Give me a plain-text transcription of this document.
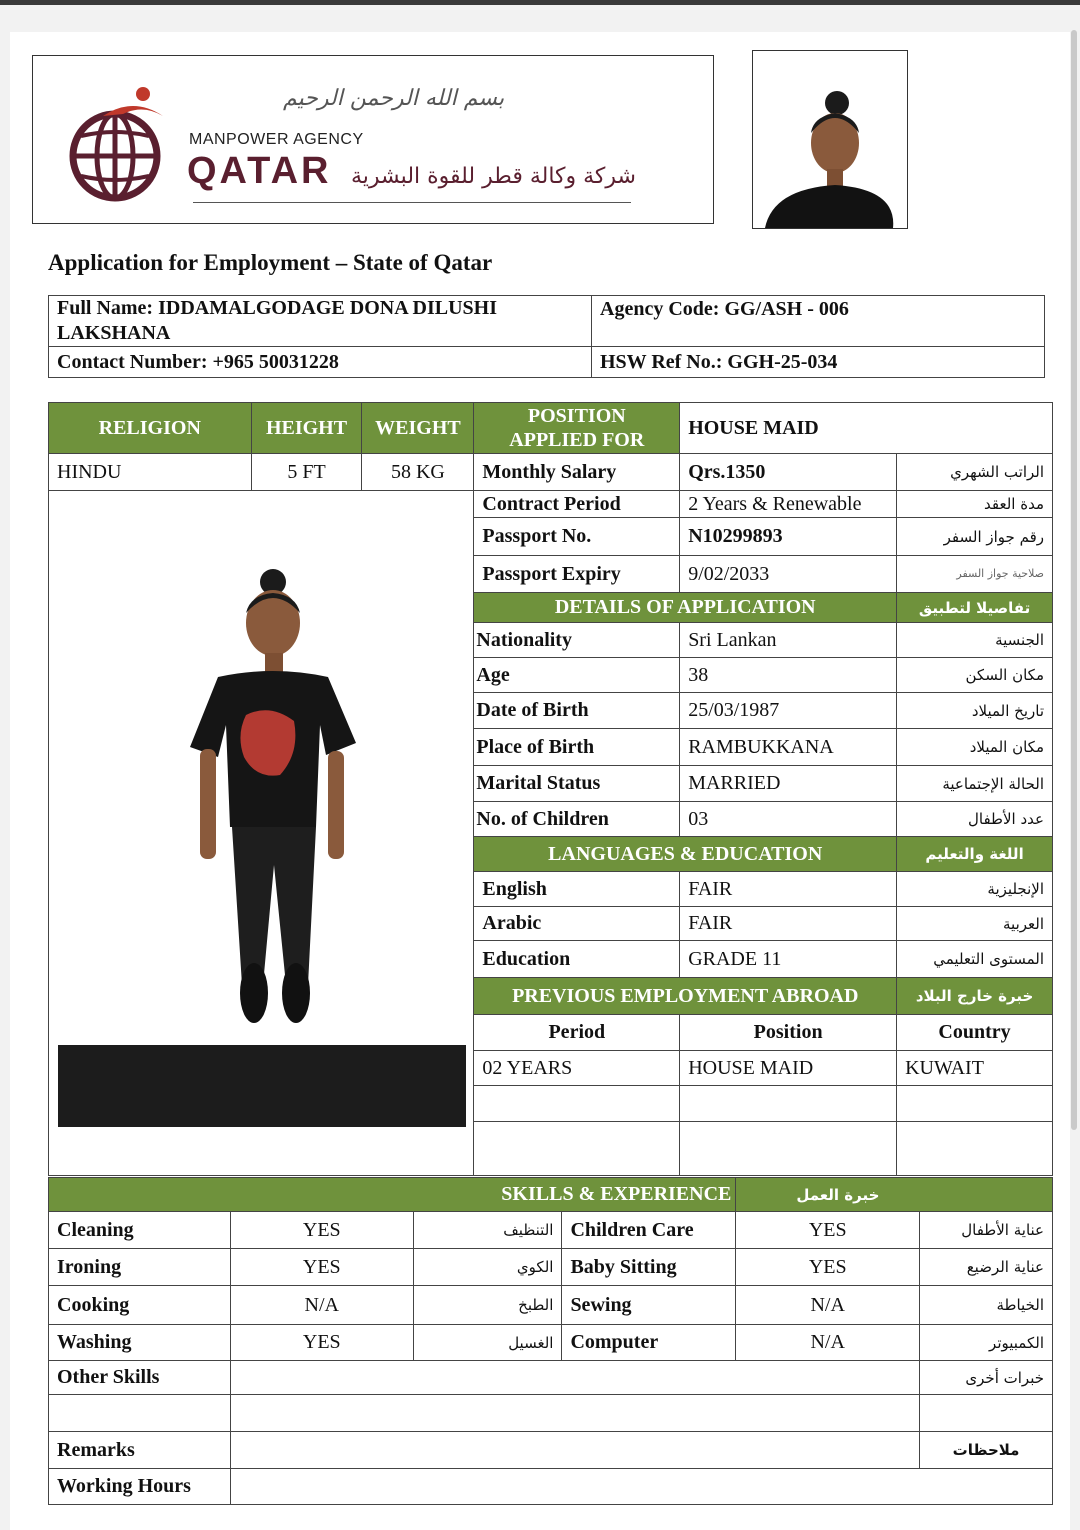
بسم الله الرحمن الرحيم
MANPOWER AGENCY
QATAR شركة وكالة قطر للقوة البشرية
Application for Employment – State of Qatar
Full Name: IDDAMALGODAGE DONA DILUSHI LAKSHANA	Agency Code: GG/ASH - 006
Contact Number: +965 50031228	HSW Ref No.: GGH-25-034
RELIGION	HEIGHT	WEIGHT	POSITION APPLIED FOR	HOUSE MAID	
HINDU	5 FT	58 KG	Monthly Salary	Qrs.1350	الراتب الشهري
			Contract Period	2 Years & Renewable	مدة العقد
			Passport No.	N10299893	رقم جواز السفر
			Passport Expiry	9/02/2033	صلاحية جواز السفر
			DETAILS OF APPLICATION		تفاصيلا لتطبيق
			Nationality	Sri Lankan	الجنسية
			Age	38	مكان السكن
			Date of Birth	25/03/1987	تاريخ الميلاد
			Place of Birth	RAMBUKKANA	مكان الميلاد
			Marital Status	MARRIED	الحالة الإجتماعية
			No. of Children	03	عدد الأطفال
			LANGUAGES & EDUCATION		اللغة والتعليم
			English	FAIR	الإنجليزية
			Arabic	FAIR	العربية
			Education	GRADE 11	المستوى التعليمي
			PREVIOUS EMPLOYMENT ABROAD		خبرة خارج البلاد
			Period	Position	Country
			02 YEARS	HOUSE MAID	KUWAIT

SKILLS & EXPERIENCE				خبرة العمل	
Cleaning	YES	التنظيف	Children Care	YES	عناية الأطفال
Ironing	YES	الكوي	Baby Sitting	YES	عناية الرضيع
Cooking	N/A	الطبخ	Sewing	N/A	الخياطة
Washing	YES	الغسيل	Computer	N/A	الكمبيوتر
Other Skills					خبرات أخرى

Remarks					ملاحظات
Working Hours					
